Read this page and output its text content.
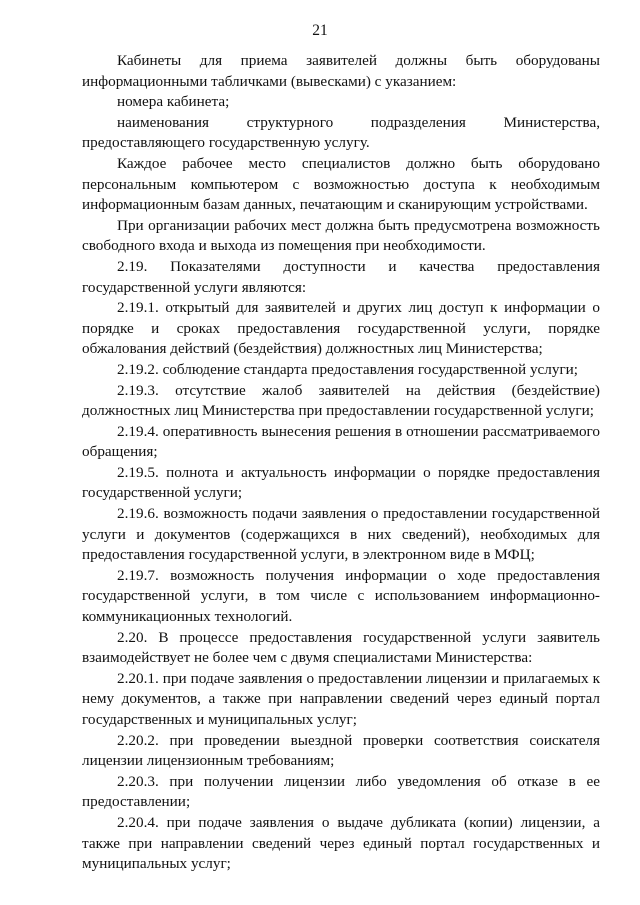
21

Кабинеты для приема заявителей должны быть оборудованы информационными табличками (вывесками) с указанием:

номера кабинета;

наименования структурного подразделения Министерства, предоставляющего государственную услугу.

Каждое рабочее место специалистов должно быть оборудовано персональным компьютером с возможностью доступа к необходимым информационным базам данных, печатающим и сканирующим устройствами.

При организации рабочих мест должна быть предусмотрена возможность свободного входа и выхода из помещения при необходимости.

2.19. Показателями доступности и качества предоставления государственной услуги являются:

2.19.1. открытый для заявителей и других лиц доступ к информации о порядке и сроках предоставления государственной услуги, порядке обжалования действий (бездействия) должностных лиц Министерства;

2.19.2. соблюдение стандарта предоставления государственной услуги;

2.19.3. отсутствие жалоб заявителей на действия (бездействие) должностных лиц Министерства при предоставлении государственной услуги;

2.19.4. оперативность вынесения решения в отношении рассматриваемого обращения;

2.19.5. полнота и актуальность информации о порядке предоставления государственной услуги;

2.19.6. возможность подачи заявления о предоставлении государственной услуги и документов (содержащихся в них сведений), необходимых для предоставления государственной услуги, в электронном виде в МФЦ;

2.19.7. возможность получения информации о ходе предоставления государственной услуги, в том числе с использованием информационно-коммуникационных технологий.

2.20. В процессе предоставления государственной услуги заявитель взаимодействует не более чем с двумя специалистами Министерства:

2.20.1. при подаче заявления о предоставлении лицензии и прилагаемых к нему документов, а также при направлении сведений через единый портал государственных и муниципальных услуг;

2.20.2. при проведении выездной проверки соответствия соискателя лицензии лицензионным требованиям;

2.20.3. при получении лицензии либо уведомления об отказе в ее предоставлении;

2.20.4. при подаче заявления о выдаче дубликата (копии) лицензии, а также при направлении сведений через единый портал государственных и муниципальных услуг;
